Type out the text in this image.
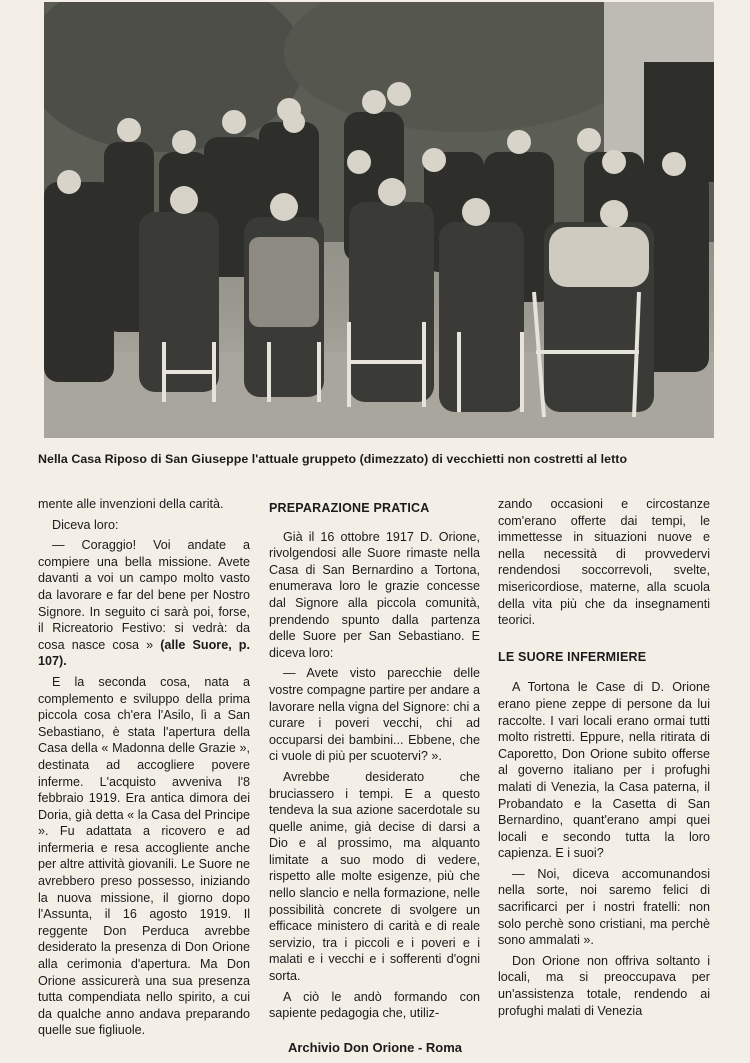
Nella Casa Riposo di San Giuseppe l'attuale gruppe​to (dimezzato) di vecchietti non costretti al letto

mente alle invenzioni della carità.

Diceva loro:

— Coraggio! Voi andate a compiere una bella missione. Avete davanti a voi un campo molto vasto da lavorare e far del bene per Nostro Signore. In seguito ci sarà poi, forse, il Ricreatorio Festivo: si vedrà: da cosa nasce cosa » (alle Suore, p. 107).

E la seconda cosa, nata a complemento e sviluppo della prima piccola cosa ch'era l'Asilo, lì a San Sebastiano, è stata l'apertura della Casa della « Madonna delle Grazie », destinata ad accogliere povere inferme. L'acquisto avveniva l'8 febbraio 1919. Era antica dimora dei Doria, già detta « la Casa del Principe ». Fu adattata a ricovero e ad infermeria e resa accogliente anche per altre attività giovanili. Le Suore ne avrebbero preso possesso, iniziando la nuova missione, il giorno dopo l'Assunta, il 16 agosto 1919. Il reggente Don Perduca avrebbe desiderato la presenza di Don Orione alla cerimonia d'apertura. Ma Don Orione assicurerà una sua presenza tutta compendiata nello spirito, a cui da qualche anno andava preparando quelle sue figliuole.

PREPARAZIONE PRATICA

Già il 16 ottobre 1917 D. Orione, rivolgendosi alle Suore rimaste nella Casa di San Bernardino a Tortona, enumerava loro le grazie concesse dal Signore alla piccola comunità, prendendo spunto dalla partenza delle Suore per San Sebastiano. E diceva loro:

— Avete visto parecchie delle vostre compagne partire per andare a lavorare nella vigna del Signore: chi a curare i poveri vecchi, chi ad occuparsi dei bambini... Ebbene, che ci vuole di più per scuotervi? ».

Avrebbe desiderato che bruciassero i tempi. E a questo tendeva la sua azione sacerdotale su quelle anime, già decise di darsi a Dio e al prossimo, ma alquanto limitate a suo modo di vedere, rispetto alle molte esigenze, più che nello slancio e nella formazione, nelle possibilità concrete di svolgere un efficace ministero di carità e di reale servizio, tra i piccoli e i poveri e i malati e i vecchi e i sofferenti d'ogni sorta.

A ciò le andò formando con sapiente pedagogia che, utiliz-

zando occasioni e circostanze com'erano offerte dai tempi, le immettesse in situazioni nuove e nella necessità di provvedervi rendendosi soccorrevoli, svelte, misericordiose, materne, alla scuola della vita più che da insegnamenti teorici.

LE SUORE INFERMIERE

A Tortona le Case di D. Orione erano piene zeppe di persone da lui raccolte. I vari locali erano ormai tutti molto ristretti. Eppure, nella ritirata di Caporetto, Don Orione subito offerse al governo italiano per i profughi malati di Venezia, la Casa paterna, il Probandato e la Casetta di San Bernardino, quant'erano ampi quei locali e secondo tutta la loro capienza. E i suoi?

— Noi, diceva accomunandosi nella sorte, noi saremo felici di sacrificarci per i nostri fratelli: non solo perchè sono cristiani, ma perchè sono ammalati ».

Don Orione non offriva soltanto i locali, ma si preoccupava per un'assistenza totale, rendendo ai profughi malati di Venezia

Archivio Don Orione - Roma
